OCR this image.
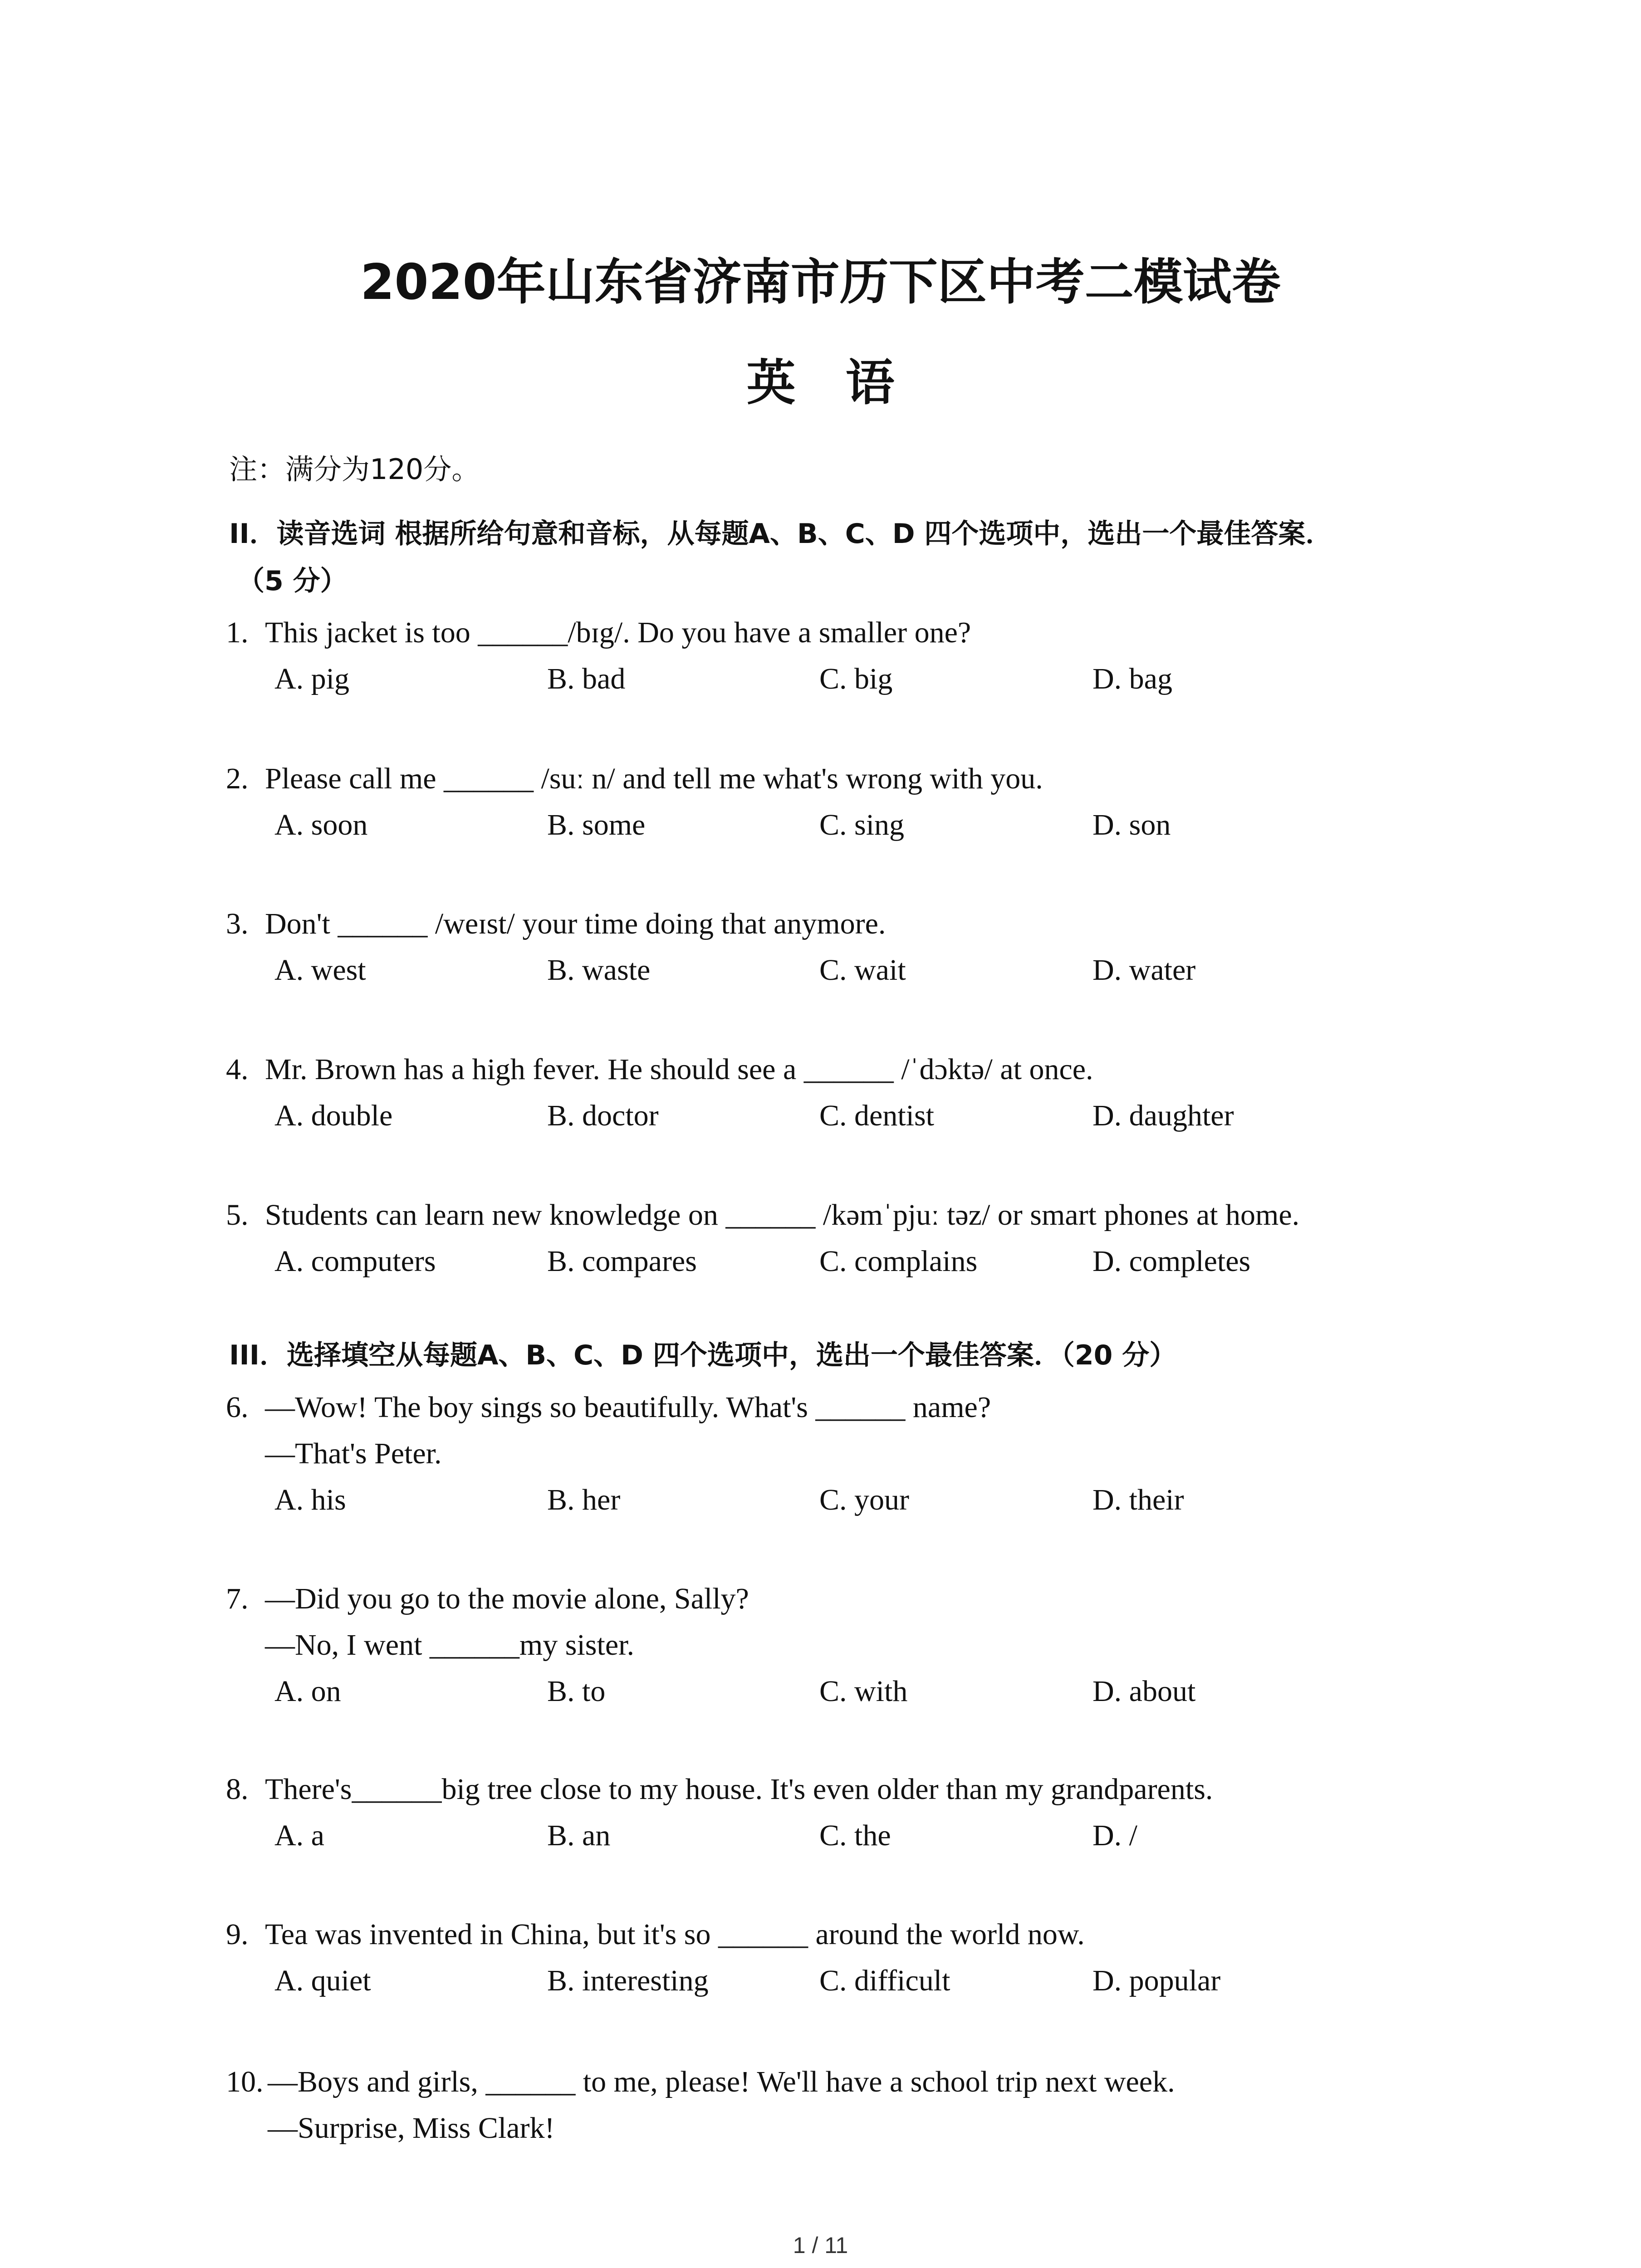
2020年山东省济南市历下区中考二模试卷
英语
注：满分为120分。
II．读音选词 根据所给句意和音标，从每题A、B、C、D 四个选项中，选出一个最佳答案．
（5 分）
III．选择填空从每题A、B、C、D 四个选项中，选出一个最佳答案．（20 分）
1. This jacket is too ______/bɪg/. Do you have a smaller one?
A. pig	B. bad	C. big	D. bag
2. Please call me ______ /suː n/ and tell me what's wrong with you.
A. soon	B. some	C. sing	D. son
3. Don't ______ /weɪst/ your time doing that anymore.
A. west	B. waste	C. wait	D. water
4. Mr. Brown has a high fever. He should see a ______ /ˈdɔktə/ at once.
A. double	B. doctor	C. dentist	D. daughter
5. Students can learn new knowledge on ______ /kəmˈpjuː təz/ or smart phones at home.
A. computers	B. compares	C. complains	D. completes
6. —Wow! The boy sings so beautifully. What's ______ name?
—That's Peter.
A. his	B. her	C. your	D. their
7. —Did you go to the movie alone, Sally?
—No, I went ______my sister.
A. on	B. to	C. with	D. about
8. There's______big tree close to my house. It's even older than my grandparents.
A. a	B. an	C. the	D. /
9. Tea was invented in China, but it's so ______ around the world now.
A. quiet	B. interesting	C. difficult	D. popular
10. —Boys and girls, ______ to me, please! We'll have a school trip next week.
—Surprise, Miss Clark!
1 / 11
